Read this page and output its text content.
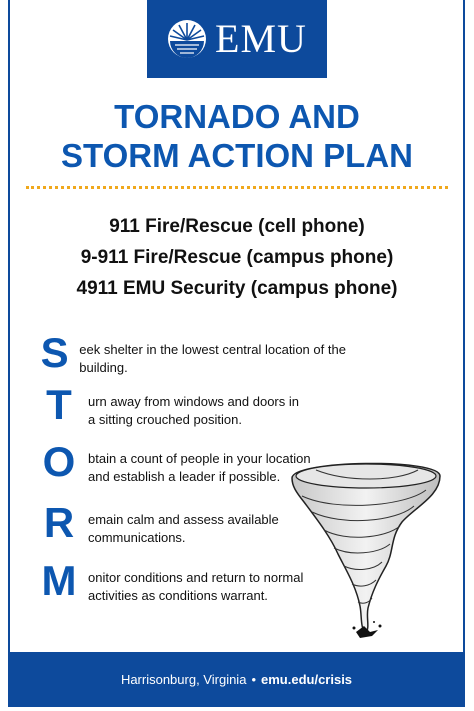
EMU
TORNADO AND
STORM ACTION PLAN
911 Fire/Rescue (cell phone)
9-911 Fire/Rescue (campus phone)
4911 EMU Security (campus phone)
S eek shelter in the lowest central location of the building.
T	urn away from windows and doors in
a sitting crouched position.
O btain a count of people in your location
and establish a leader if possible.
R	emain calm and assess available
communications.
M onitor conditions and return to normal
activities as conditions warrant.
Harrisonburg, Virginia • emu.edu/crisis
